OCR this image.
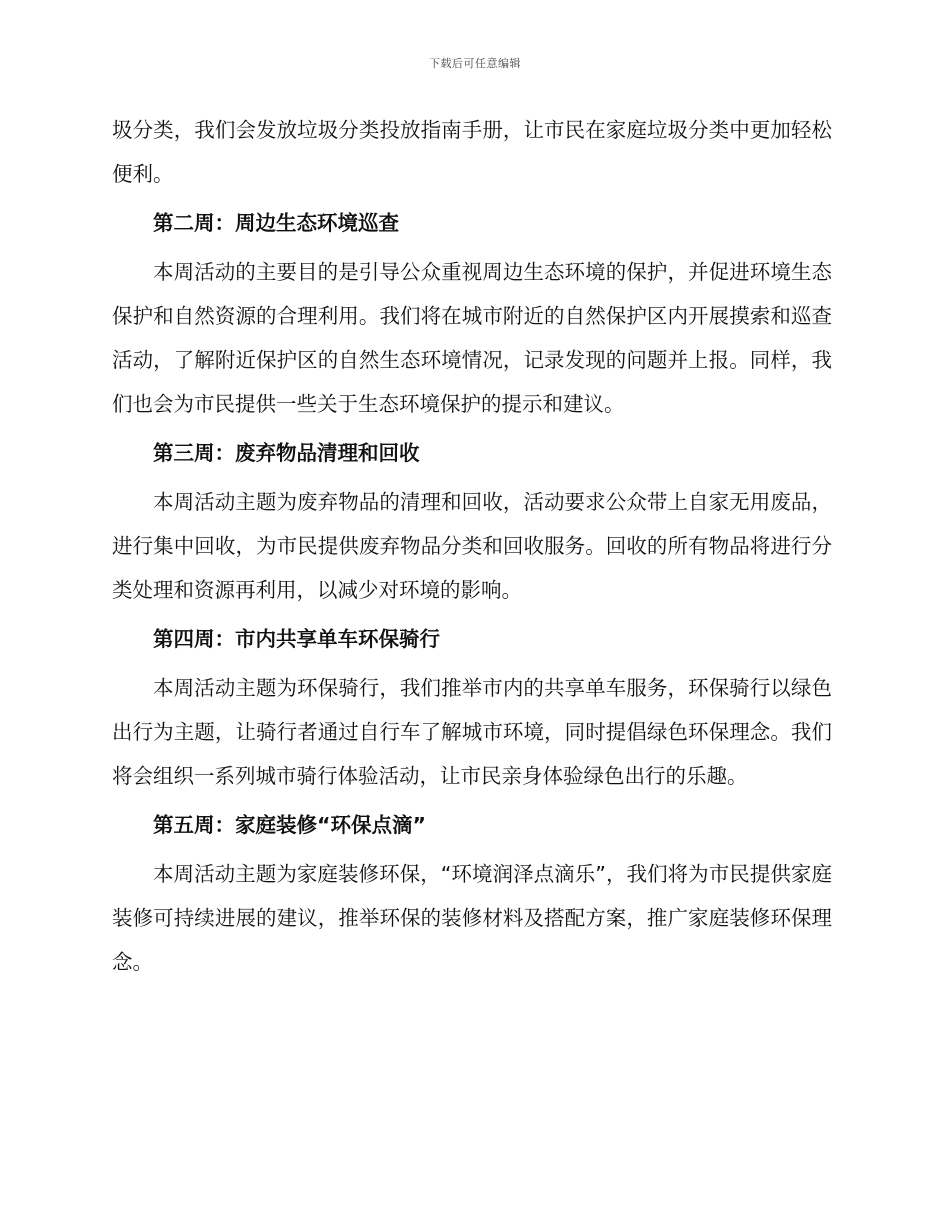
下载后可任意编辑

圾分类，我们会发放垃圾分类投放指南手册，让市民在家庭垃圾分类中更加轻松便利。

第二周：周边生态环境巡查

本周活动的主要目的是引导公众重视周边生态环境的保护，并促进环境生态保护和自然资源的合理利用。我们将在城市附近的自然保护区内开展摸索和巡查活动，了解附近保护区的自然生态环境情况，记录发现的问题并上报。同样，我们也会为市民提供一些关于生态环境保护的提示和建议。

第三周：废弃物品清理和回收

本周活动主题为废弃物品的清理和回收，活动要求公众带上自家无用废品，进行集中回收，为市民提供废弃物品分类和回收服务。回收的所有物品将进行分类处理和资源再利用，以减少对环境的影响。

第四周：市内共享单车环保骑行

本周活动主题为环保骑行，我们推举市内的共享单车服务，环保骑行以绿色出行为主题，让骑行者通过自行车了解城市环境，同时提倡绿色环保理念。我们将会组织一系列城市骑行体验活动，让市民亲身体验绿色出行的乐趣。

第五周：家庭装修“环保点滴”

本周活动主题为家庭装修环保，“环境润泽点滴乐”，我们将为市民提供家庭装修可持续进展的建议，推举环保的装修材料及搭配方案，推广家庭装修环保理念。
